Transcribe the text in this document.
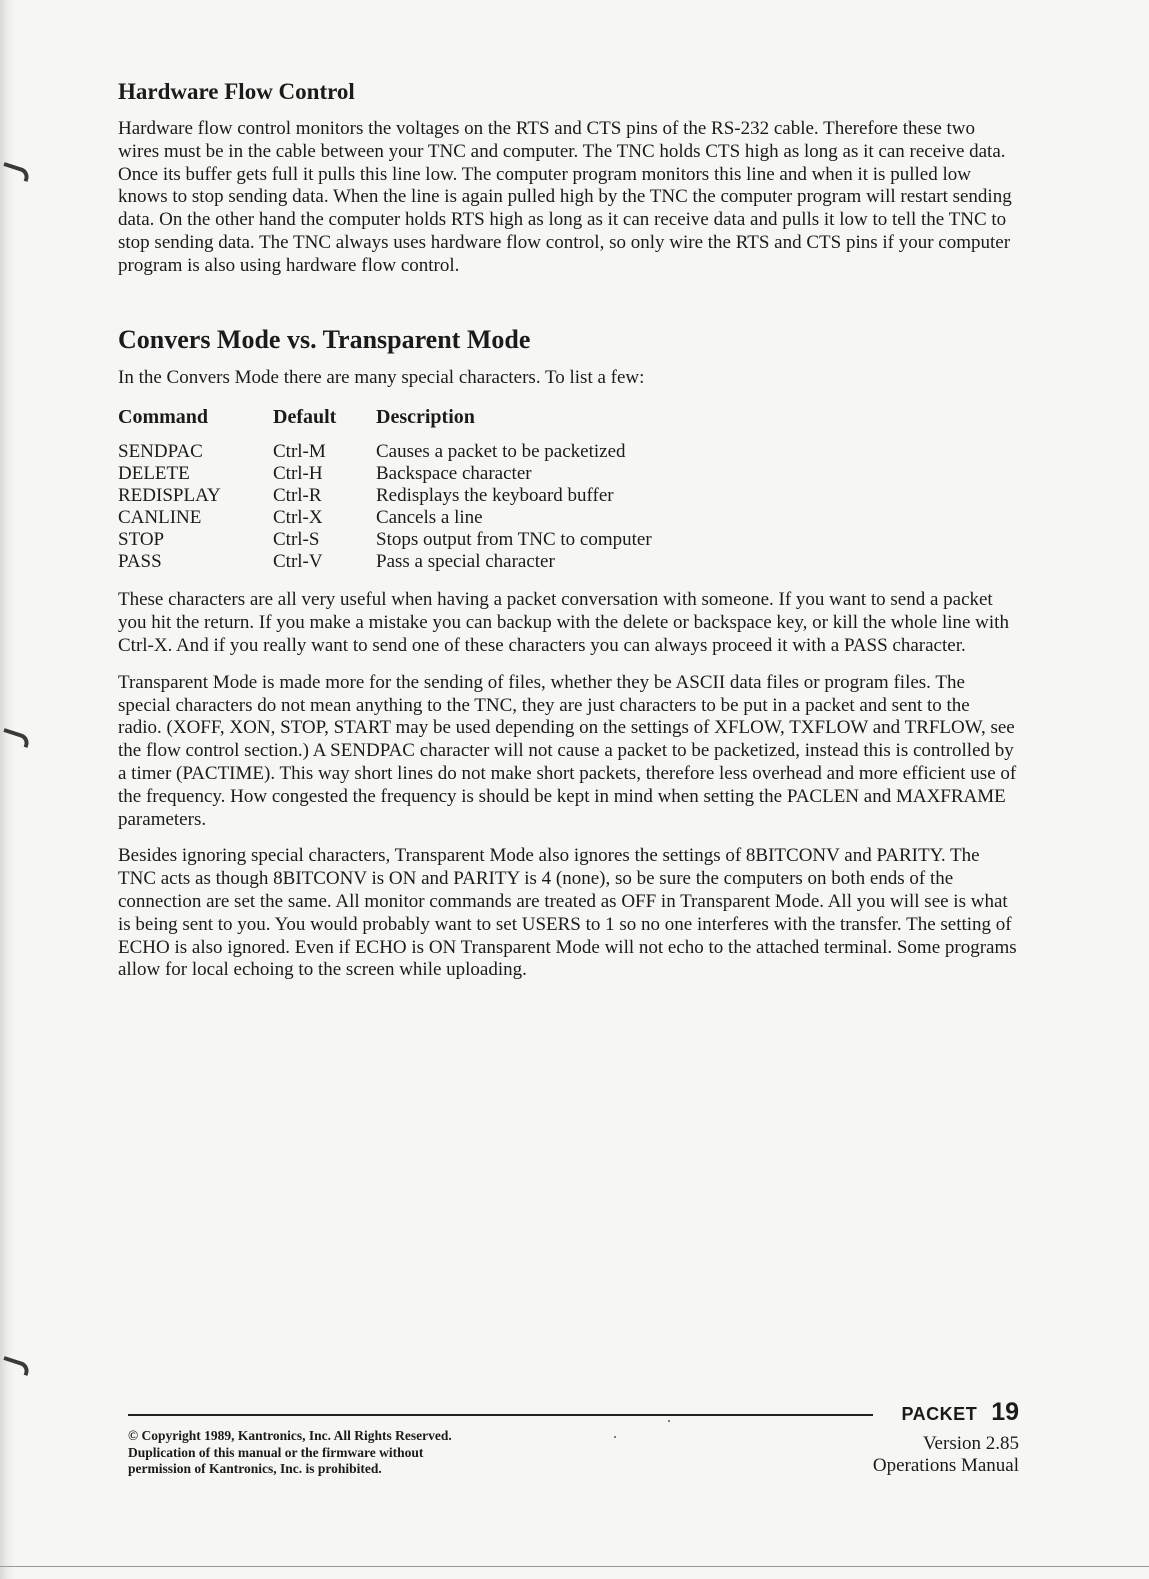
Hardware Flow Control

Hardware flow control monitors the voltages on the RTS and CTS pins of the RS-232 cable. Therefore these two wires must be in the cable between your TNC and computer. The TNC holds CTS high as long as it can receive data. Once its buffer gets full it pulls this line low. The computer program monitors this line and when it is pulled low knows to stop sending data. When the line is again pulled high by the TNC the computer program will restart sending data. On the other hand the computer holds RTS high as long as it can receive data and pulls it low to tell the TNC to stop sending data. The TNC always uses hardware flow control, so only wire the RTS and CTS pins if your computer program is also using hardware flow control.

Convers Mode vs. Transparent Mode

In the Convers Mode there are many special characters. To list a few:

Command	Default	Description
SENDPAC	Ctrl-M	Causes a packet to be packetized
DELETE	Ctrl-H	Backspace character
REDISPLAY	Ctrl-R	Redisplays the keyboard buffer
CANLINE	Ctrl-X	Cancels a line
STOP	Ctrl-S	Stops output from TNC to computer
PASS	Ctrl-V	Pass a special character

These characters are all very useful when having a packet conversation with someone. If you want to send a packet you hit the return. If you make a mistake you can backup with the delete or backspace key, or kill the whole line with Ctrl-X. And if you really want to send one of these characters you can always proceed it with a PASS character.

Transparent Mode is made more for the sending of files, whether they be ASCII data files or program files. The special characters do not mean anything to the TNC, they are just characters to be put in a packet and sent to the radio. (XOFF, XON, STOP, START may be used depending on the settings of XFLOW, TXFLOW and TRFLOW, see the flow control section.) A SENDPAC character will not cause a packet to be packetized, instead this is controlled by a timer (PACTIME). This way short lines do not make short packets, therefore less overhead and more efficient use of the frequency. How congested the frequency is should be kept in mind when setting the PACLEN and MAXFRAME parameters.

Besides ignoring special characters, Transparent Mode also ignores the settings of 8BITCONV and PARITY. The TNC acts as though 8BITCONV is ON and PARITY is 4 (none), so be sure the computers on both ends of the connection are set the same. All monitor commands are treated as OFF in Transparent Mode. All you will see is what is being sent to you. You would probably want to set USERS to 1 so no one interferes with the transfer. The setting of ECHO is also ignored. Even if ECHO is ON Transparent Mode will not echo to the attached terminal. Some programs allow for local echoing to the screen while uploading.

© Copyright 1989, Kantronics, Inc. All Rights Reserved.
Duplication of this manual or the firmware without
permission of Kantronics, Inc. is prohibited.
PACKET 19
Version 2.85
Operations Manual
